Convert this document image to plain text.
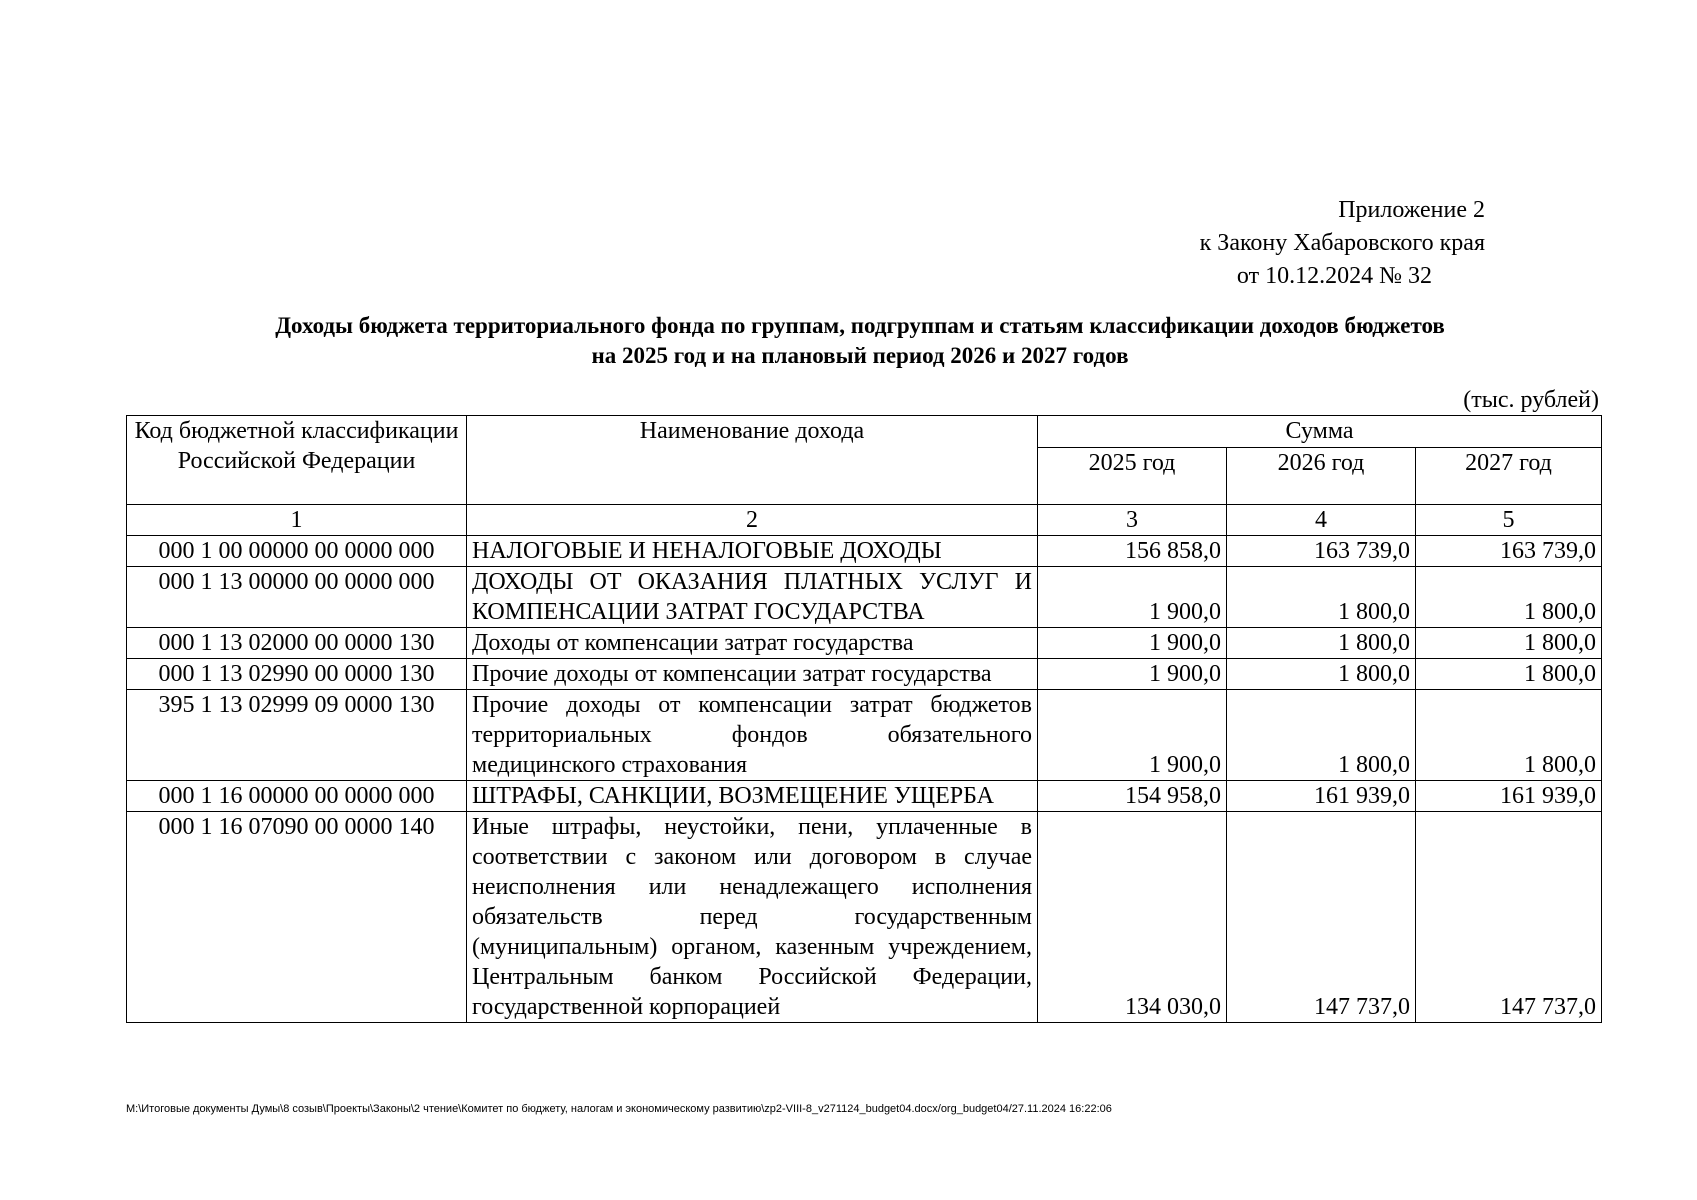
Приложение 2
к Закону Хабаровского края
от 10.12.2024 № 32
Доходы бюджета территориального фонда по группам, подгруппам и статьям классификации доходов бюджетов
на 2025 год и на плановый период 2026 и 2027 годов
(тыс. рублей)
Код бюджетной классификации Российской Федерации	Наименование дохода	Сумма		
		2025 год	2026 год	2027 год
1	2	3	4	5
000 1 00 00000 00 0000 000	НАЛОГОВЫЕ И НЕНАЛОГОВЫЕ ДОХОДЫ	156 858,0	163 739,0	163 739,0
000 1 13 00000 00 0000 000	ДОХОДЫ ОТ ОКАЗАНИЯ ПЛАТНЫХ УСЛУГ И КОМПЕНСАЦИИ ЗАТРАТ ГОСУДАРСТВА	1 900,0	1 800,0	1 800,0
000 1 13 02000 00 0000 130	Доходы от компенсации затрат государства	1 900,0	1 800,0	1 800,0
000 1 13 02990 00 0000 130	Прочие доходы от компенсации затрат государства	1 900,0	1 800,0	1 800,0
395 1 13 02999 09 0000 130	Прочие доходы от компенсации затрат бюджетов территориальных фондов обязательного медицинского страхования	1 900,0	1 800,0	1 800,0
000 1 16 00000 00 0000 000	ШТРАФЫ, САНКЦИИ, ВОЗМЕЩЕНИЕ УЩЕРБА	154 958,0	161 939,0	161 939,0
000 1 16 07090 00 0000 140	Иные штрафы, неустойки, пени, уплаченные в соответствии с законом или договором в случае неисполнения или ненадлежащего исполнения обязательств перед государственным (муниципальным) органом, казенным учреждением, Центральным банком Российской Федерации, государственной корпорацией	134 030,0	147 737,0	147 737,0
M:\Итоговые документы Думы\8 созыв\Проекты\Законы\2 чтение\Комитет по бюджету, налогам и экономическому развитию\zp2-VIII-8_v271124_budget04.docx/org_budget04/27.11.2024 16:22:06
